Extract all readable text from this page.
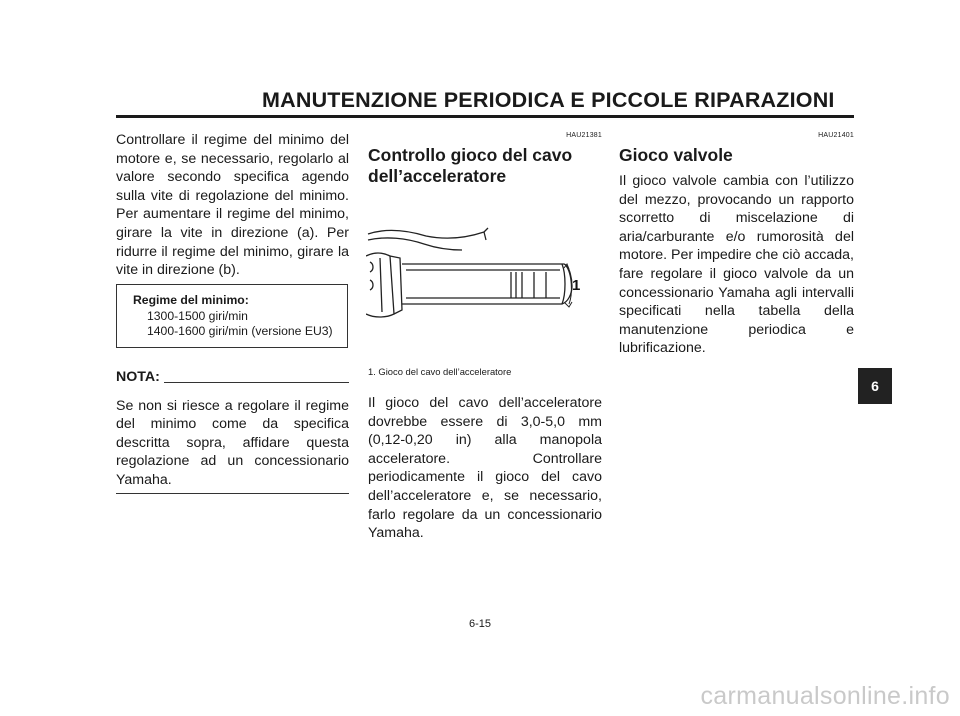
MANUTENZIONE PERIODICA E PICCOLE RIPARAZIONI

Controllare il regime del minimo del motore e, se necessario, regolarlo al valore secondo specifica agendo sulla vite di regolazione del minimo. Per aumentare il regime del minimo, girare la vite in direzione (a). Per ridurre il regime del minimo, girare la vite in direzione (b).

Regime del minimo:
1300-1500 giri/min
1400-1600 giri/min (versione EU3)
NOTA:

Se non si riesce a regolare il regime del minimo come da specifica descritta sopra, affidare questa regolazione ad un concessionario Yamaha.

HAU21381
Controllo gioco del cavo dell’acceleratore
1
1. Gioco del cavo dell’acceleratore

Il gioco del cavo dell’acceleratore dovrebbe essere di 3,0-5,0 mm (0,12-0,20 in) alla manopola acceleratore. Controllare periodicamente il gioco del cavo dell’acceleratore e, se necessario, farlo regolare da un concessionario Yamaha.

HAU21401
Gioco valvole

Il gioco valvole cambia con l’utilizzo del mezzo, provocando un rapporto scorretto di miscelazione di aria/carburante e/o rumorosità del motore. Per impedire che ciò accada, fare regolare il gioco valvole da un concessionario Yamaha agli intervalli specificati nella tabella della manutenzione periodica e lubrificazione.

6
6-15
carmanualsonline.info
